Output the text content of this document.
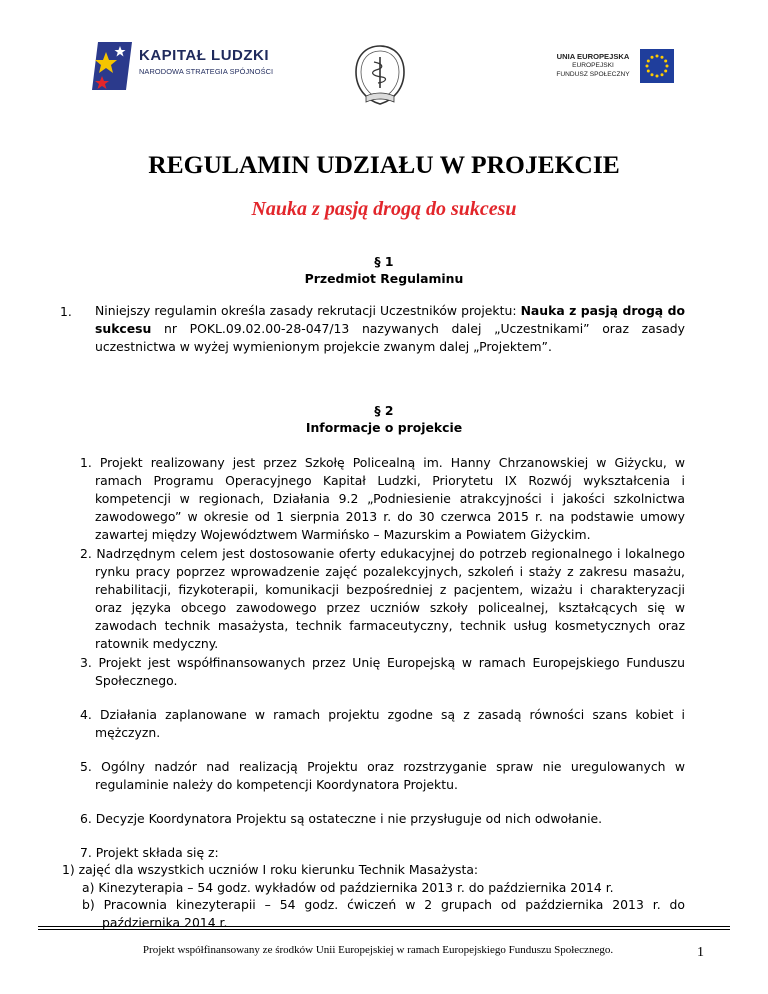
KAPITAŁ LUDZKI
NARODOWA STRATEGIA SPÓJNOŚCI
UNIA EUROPEJSKA
EUROPEJSKI
FUNDUSZ SPOŁECZNY
REGULAMIN UDZIAŁU W PROJEKCIE
Nauka z pasją drogą do sukcesu
§ 1
Przedmiot Regulaminu
1. Niniejszy regulamin określa zasady rekrutacji Uczestników projektu: Nauka z pasją drogą do sukcesu nr POKL.09.02.00-28-047/13 nazywanych dalej „Uczestnikami” oraz zasady uczestnictwa w wyżej wymienionym projekcie zwanym dalej „Projektem”.
§ 2
Informacje o projekcie
1. Projekt realizowany jest przez Szkołę Policealną im. Hanny Chrzanowskiej w Giżycku, w ramach Programu Operacyjnego Kapitał Ludzki, Priorytetu IX Rozwój wykształcenia i kompetencji w regionach, Działania 9.2 „Podniesienie atrakcyjności i jakości szkolnictwa zawodowego” w okresie od 1 sierpnia 2013 r. do 30 czerwca 2015 r. na podstawie umowy zawartej między Województwem Warmińsko – Mazurskim a Powiatem Giżyckim.
2. Nadrzędnym celem jest dostosowanie oferty edukacyjnej do potrzeb regionalnego i lokalnego rynku pracy poprzez wprowadzenie zajęć pozalekcyjnych, szkoleń i staży z zakresu masażu, rehabilitacji, fizykoterapii, komunikacji bezpośredniej z pacjentem, wizażu i charakteryzacji oraz języka obcego zawodowego przez uczniów szkoły policealnej, kształcących się w zawodach technik masażysta, technik farmaceutyczny, technik usług kosmetycznych oraz ratownik medyczny.
3. Projekt jest współfinansowanych przez Unię Europejską w ramach Europejskiego Funduszu Społecznego.
4. Działania zaplanowane w ramach projektu zgodne są z zasadą równości szans kobiet i mężczyzn.
5. Ogólny nadzór nad realizacją Projektu oraz rozstrzyganie spraw nie uregulowanych w regulaminie należy do kompetencji Koordynatora Projektu.
6. Decyzje Koordynatora Projektu są ostateczne i nie przysługuje od nich odwołanie.
7. Projekt składa się z:
1) zajęć dla wszystkich uczniów I roku kierunku Technik Masażysta:
a) Kinezyterapia – 54 godz. wykładów od października 2013 r. do października 2014 r.
b) Pracownia kinezyterapii – 54 godz. ćwiczeń w 2 grupach od października 2013 r. do października 2014 r.
Projekt współfinansowany ze środków Unii Europejskiej w ramach Europejskiego Funduszu Społecznego.	1
